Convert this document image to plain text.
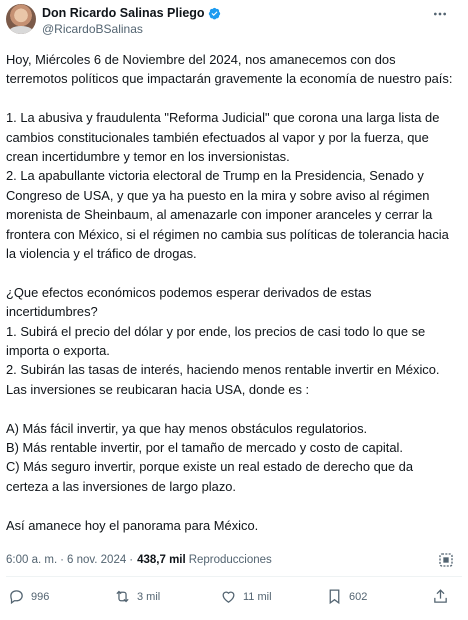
Don Ricardo Salinas Pliego
@RicardoBSalinas

Hoy, Miércoles 6 de Noviembre del 2024, nos amanecemos con dos terremotos políticos que impactarán gravemente la economía de nuestro país:

1. La abusiva y fraudulenta "Reforma Judicial" que corona una larga lista de cambios constitucionales también efectuados al vapor y por la fuerza, que crean incertidumbre y temor en los inversionistas.
2. La apabullante victoria electoral de Trump en la Presidencia, Senado y Congreso de USA, y que ya ha puesto en la mira y sobre aviso al régimen morenista de Sheinbaum, al amenazarle con imponer aranceles y cerrar la frontera con México, si el régimen no cambia sus políticas de tolerancia hacia la violencia y el tráfico de drogas.

¿Que efectos económicos podemos esperar derivados de estas incertidumbres?
1. Subirá el precio del dólar y por ende, los precios de casi todo lo que se importa o exporta.
2. Subirán las tasas de interés, haciendo menos rentable invertir en México. Las inversiones se reubicaran hacia USA, donde es :

A) Más fácil invertir, ya que hay menos obstáculos regulatorios.
B) Más rentable invertir, por el tamaño de mercado y costo de capital.
C) Más seguro invertir, porque existe un real estado de derecho que da certeza a las inversiones de largo plazo.

Así amanece hoy el panorama para México.

6:00 a. m. · 6 nov. 2024 · 438,7 mil Reproducciones
996	3 mil	11 mil	602
